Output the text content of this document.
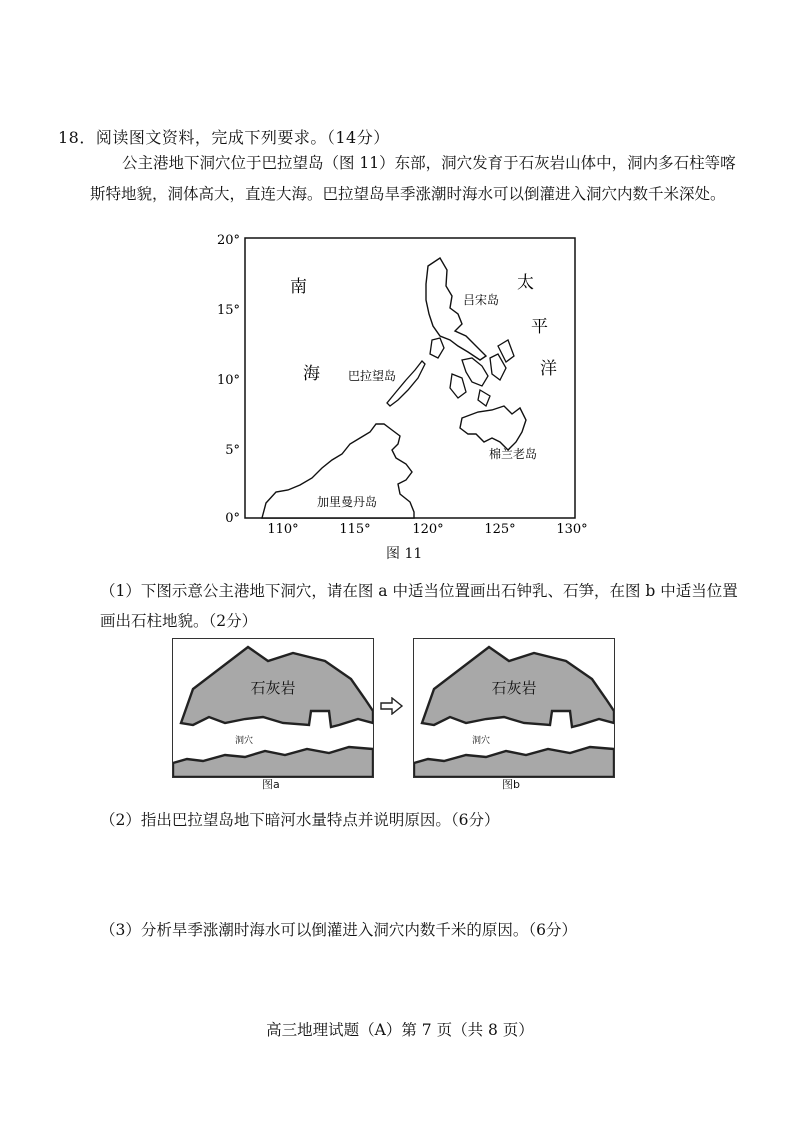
18．阅读图文资料，完成下列要求。（14分）

公主港地下洞穴位于巴拉望岛（图 11）东部，洞穴发育于石灰岩山体中，洞内多石柱等喀斯特地貌，洞体高大，直连大海。巴拉望岛旱季涨潮时海水可以倒灌进入洞穴内数千米深处。

20°
15°
10°
5°
0°
110°	115°	120°	125°	130°
南
海
太
平
洋
吕宋岛
巴拉望岛
棉兰老岛
加里曼丹岛
图 11
（1）下图示意公主港地下洞穴，请在图 a 中适当位置画出石钟乳、石笋，在图 b 中适当位置画出石柱地貌。（2分）
石灰岩
洞穴
石灰岩
洞穴
图a	图b
（2）指出巴拉望岛地下暗河水量特点并说明原因。（6分）
（3）分析旱季涨潮时海水可以倒灌进入洞穴内数千米的原因。（6分）
高三地理试题（A）第 7 页（共 8 页）
